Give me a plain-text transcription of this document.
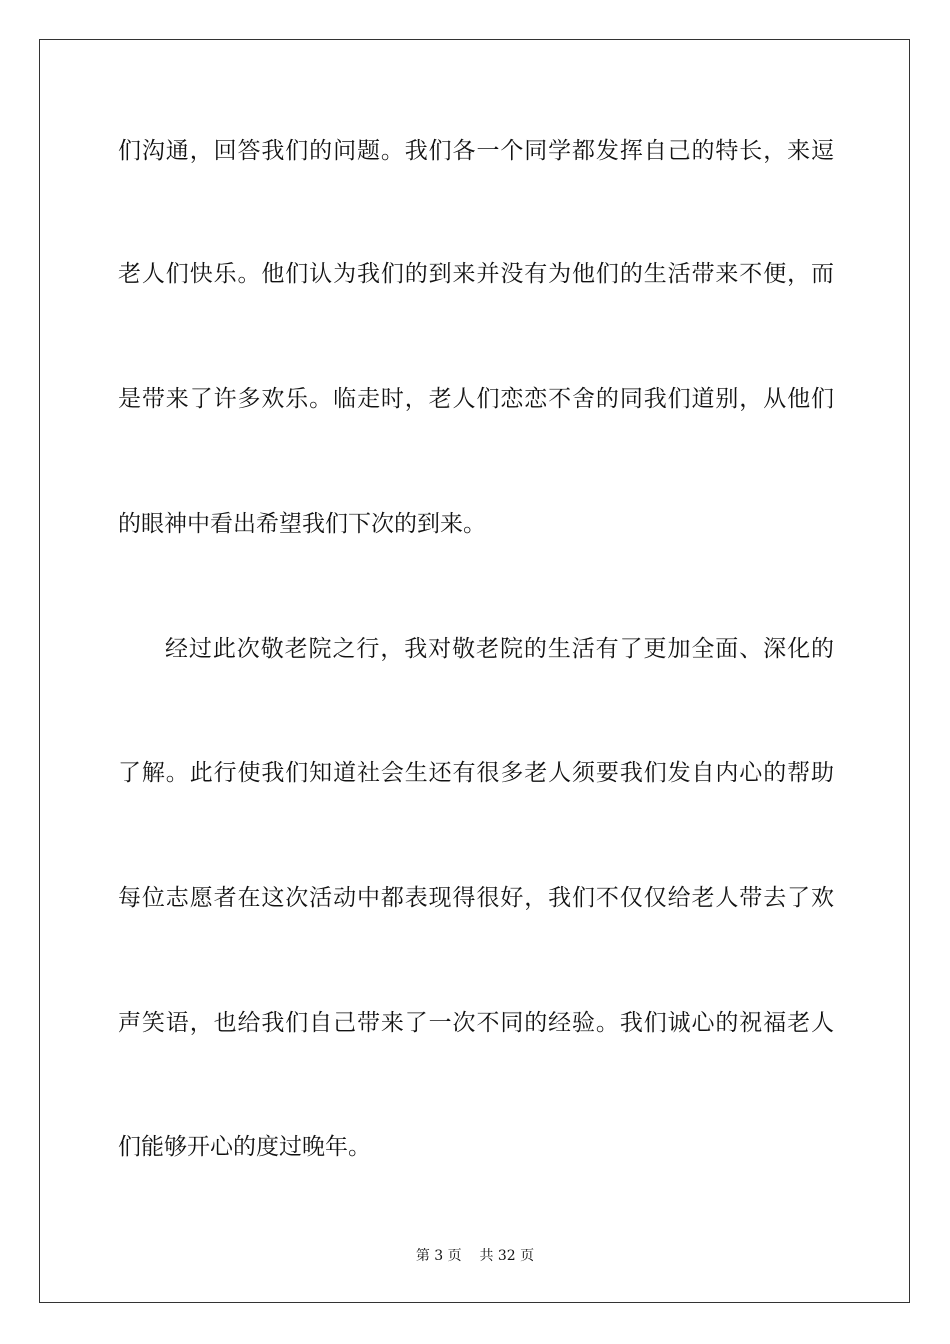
们沟通，回答我们的问题。我们各一个同学都发挥自己的特长，来逗
老人们快乐。他们认为我们的到来并没有为他们的生活带来不便，而
是带来了许多欢乐。临走时，老人们恋恋不舍的同我们道别，从他们
的眼神中看出希望我们下次的到来。
经过此次敬老院之行，我对敬老院的生活有了更加全面、深化的
了解。此行使我们知道社会生还有很多老人须要我们发自内心的帮助
每位志愿者在这次活动中都表现得很好，我们不仅仅给老人带去了欢
声笑语，也给我们自己带来了一次不同的经验。我们诚心的祝福老人
们能够开心的度过晚年。
第 3 页 共 32 页
